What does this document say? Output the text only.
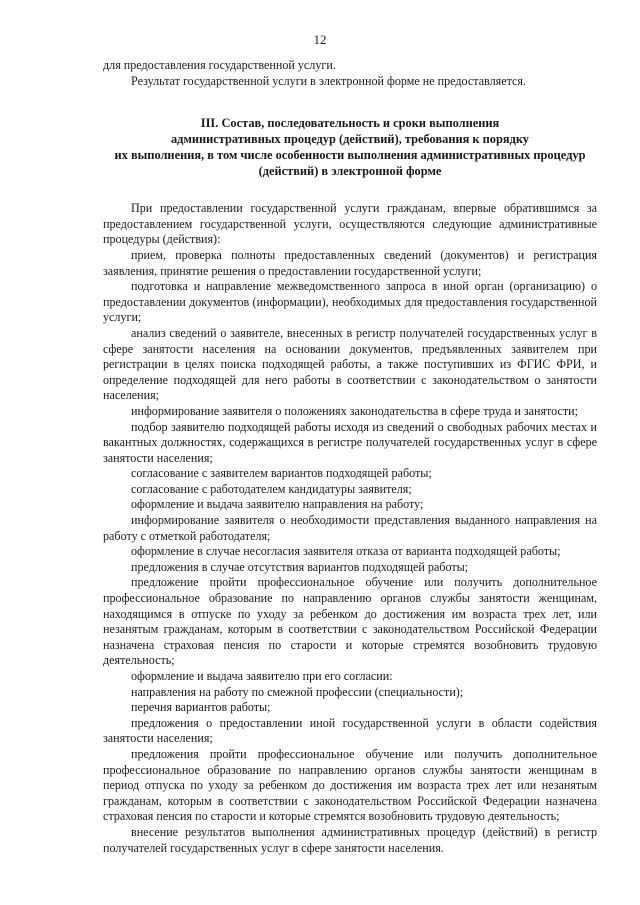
12

для предоставления государственной услуги.

Результат государственной услуги в электронной форме не предоставляется.

III. Состав, последовательность и сроки выполнения
административных процедур (действий), требования к порядку
их выполнения, в том числе особенности выполнения административных процедур
(действий) в электронной форме

При предоставлении государственной услуги гражданам, впервые обратившимся за предоставлением государственной услуги, осуществляются следующие административные процедуры (действия):

прием, проверка полноты предоставленных сведений (документов) и регистрация заявления, принятие решения о предоставлении государственной услуги;

подготовка и направление межведомственного запроса в иной орган (организацию) о предоставлении документов (информации), необходимых для предоставления государственной услуги;

анализ сведений о заявителе, внесенных в регистр получателей государственных услуг в сфере занятости населения на основании документов, предъявленных заявителем при регистрации в целях поиска подходящей работы, а также поступивших из ФГИС ФРИ, и определение подходящей для него работы в соответствии с законодательством о занятости населения;

информирование заявителя о положениях законодательства в сфере труда и занятости;

подбор заявителю подходящей работы исходя из сведений о свободных рабочих местах и вакантных должностях, содержащихся в регистре получателей государственных услуг в сфере занятости населения;

согласование с заявителем вариантов подходящей работы;

согласование с работодателем кандидатуры заявителя;

оформление и выдача заявителю направления на работу;

информирование заявителя о необходимости представления выданного направления на работу с отметкой работодателя;

оформление в случае несогласия заявителя отказа от варианта подходящей работы;

предложения в случае отсутствия вариантов подходящей работы;

предложение пройти профессиональное обучение или получить дополнительное профессиональное образование по направлению органов службы занятости женщинам, находящимся в отпуске по уходу за ребенком до достижения им возраста трех лет, или незанятым гражданам, которым в соответствии с законодательством Российской Федерации назначена страховая пенсия по старости и которые стремятся возобновить трудовую деятельность;

оформление и выдача заявителю при его согласии:

направления на работу по смежной профессии (специальности);

перечня вариантов работы;

предложения о предоставлении иной государственной услуги в области содействия занятости населения;

предложения пройти профессиональное обучение или получить дополнительное профессиональное образование по направлению органов службы занятости женщинам в период отпуска по уходу за ребенком до достижения им возраста трех лет или незанятым гражданам, которым в соответствии с законодательством Российской Федерации назначена страховая пенсия по старости и которые стремятся возобновить трудовую деятельность;

внесение результатов выполнения административных процедур (действий) в регистр получателей государственных услуг в сфере занятости населения.
